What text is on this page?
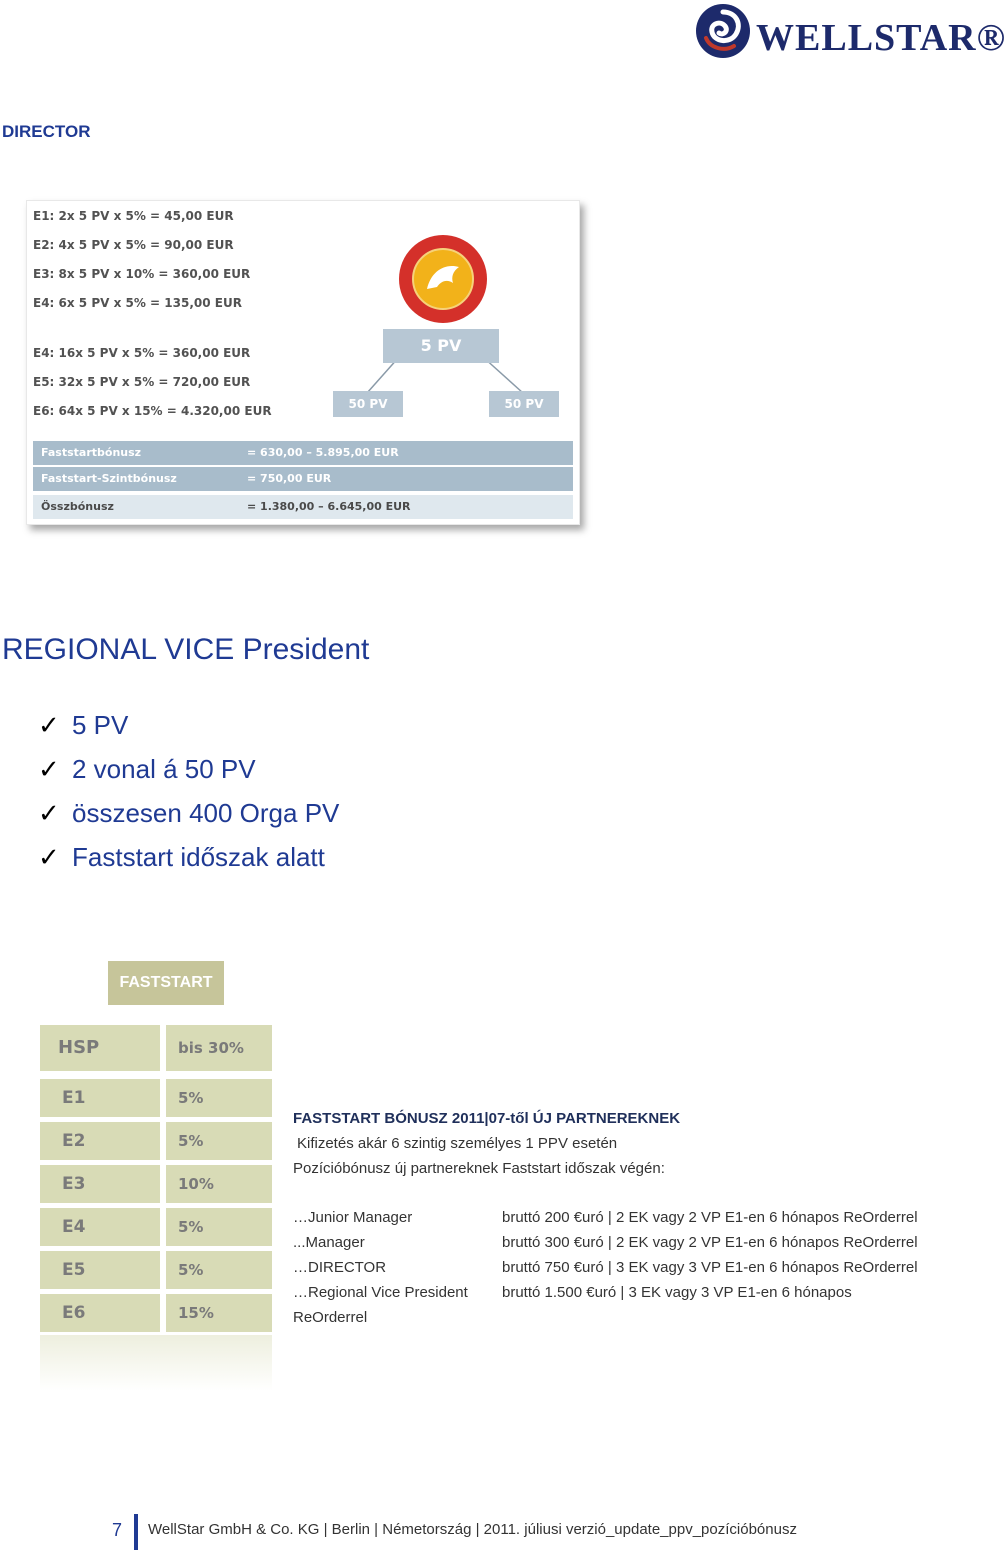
WELLSTAR®
DIRECTOR
E1: 2x 5 PV x 5% = 45,00 EUR
E2: 4x 5 PV x 5% = 90,00 EUR
E3: 8x 5 PV x 10% = 360,00 EUR
E4: 6x 5 PV x 5% = 135,00 EUR
E4: 16x 5 PV x 5% = 360,00 EUR
E5: 32x 5 PV x 5% = 720,00 EUR
E6: 64x 5 PV x 15% = 4.320,00 EUR
5 PV
50 PV	50 PV
Faststartbónusz	= 630,00 – 5.895,00 EUR
Faststart-Szintbónusz	= 750,00 EUR
Összbónusz	= 1.380,00 – 6.645,00 EUR
REGIONAL VICE President
✓ 5 PV
✓ 2 vonal á 50 PV
✓ összesen 400 Orga PV
✓ Faststart időszak alatt
FASTSTART
HSP	bis 30%
E1	5%
E2	5%
E3	10%
E4	5%
E5	5%
E6	15%
FASTSTART BÓNUSZ 2011|07-től ÚJ PARTNEREKNEK
Kifizetés akár 6 szintig személyes 1 PPV esetén
Pozícióbónusz új partnereknek Faststart időszak végén:
…Junior Manager	bruttó 200 €uró | 2 EK vagy 2 VP E1-en 6 hónapos ReOrderrel
...Manager	bruttó 300 €uró | 2 EK vagy 2 VP E1-en 6 hónapos ReOrderrel
…DIRECTOR	bruttó 750 €uró | 3 EK vagy 3 VP E1-en 6 hónapos ReOrderrel
…Regional Vice President bruttó 1.500 €uró | 3 EK vagy 3 VP E1-en 6 hónapos
ReOrderrel
7 WellStar GmbH & Co. KG | Berlin | Németország | 2011. júliusi verzió_update_ppv_pozícióbónusz
